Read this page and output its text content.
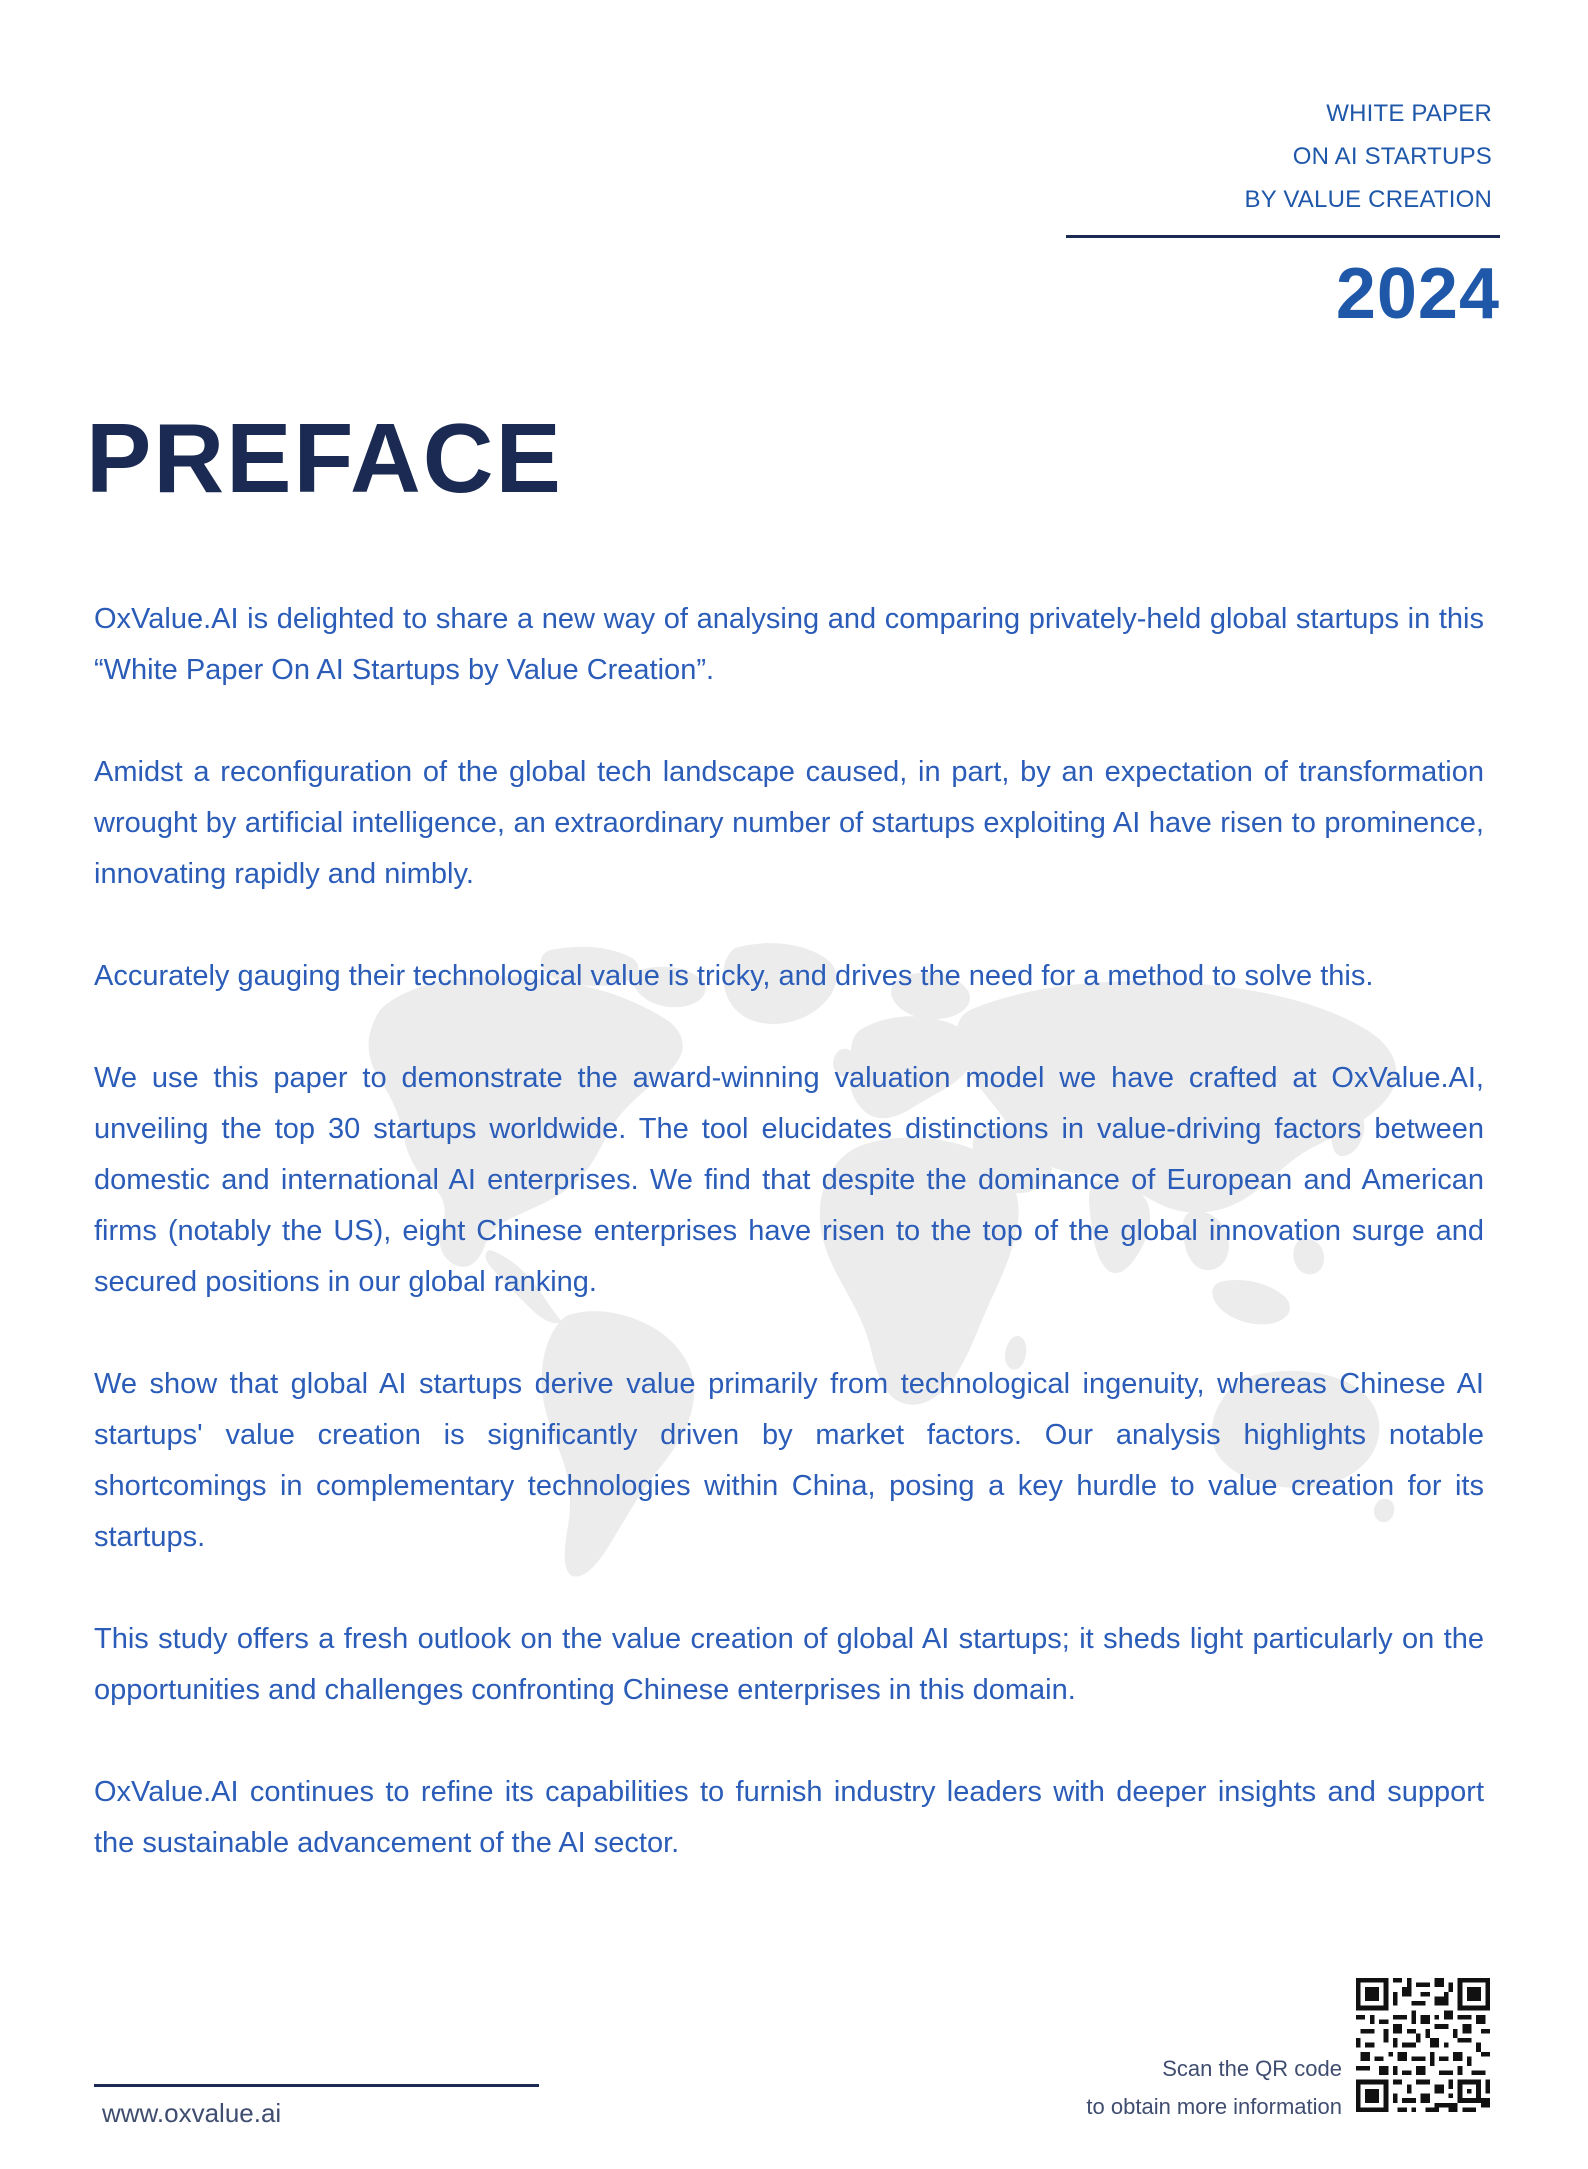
WHITE PAPER
ON AI STARTUPS
BY VALUE CREATION
2024
PREFACE

OxValue.AI is delighted to share a new way of analysing and comparing privately-held global startups in this “White Paper On AI Startups by Value Creation”.

Amidst a reconfiguration of the global tech landscape caused, in part, by an expectation of transformation wrought by artificial intelligence, an extraordinary number of startups exploiting AI have risen to prominence, innovating rapidly and nimbly.

Accurately gauging their technological value is tricky, and drives the need for a method to solve this.

We use this paper to demonstrate the award-winning valuation model we have crafted at OxValue.AI, unveiling the top 30 startups worldwide. The tool elucidates distinctions in value-driving factors between domestic and international AI enterprises. We find that despite the dominance of European and American firms (notably the US), eight Chinese enterprises have risen to the top of the global innovation surge and secured positions in our global ranking.

We show that global AI startups derive value primarily from technological ingenuity, whereas Chinese AI startups' value creation is significantly driven by market factors. Our analysis highlights notable shortcomings in complementary technologies within China, posing a key hurdle to value creation for its startups.

This study offers a fresh outlook on the value creation of global AI startups; it sheds light particularly on the opportunities and challenges confronting Chinese enterprises in this domain.

OxValue.AI continues to refine its capabilities to furnish industry leaders with deeper insights and support the sustainable advancement of the AI sector.

www.oxvalue.ai
Scan the QR code
to obtain more information
